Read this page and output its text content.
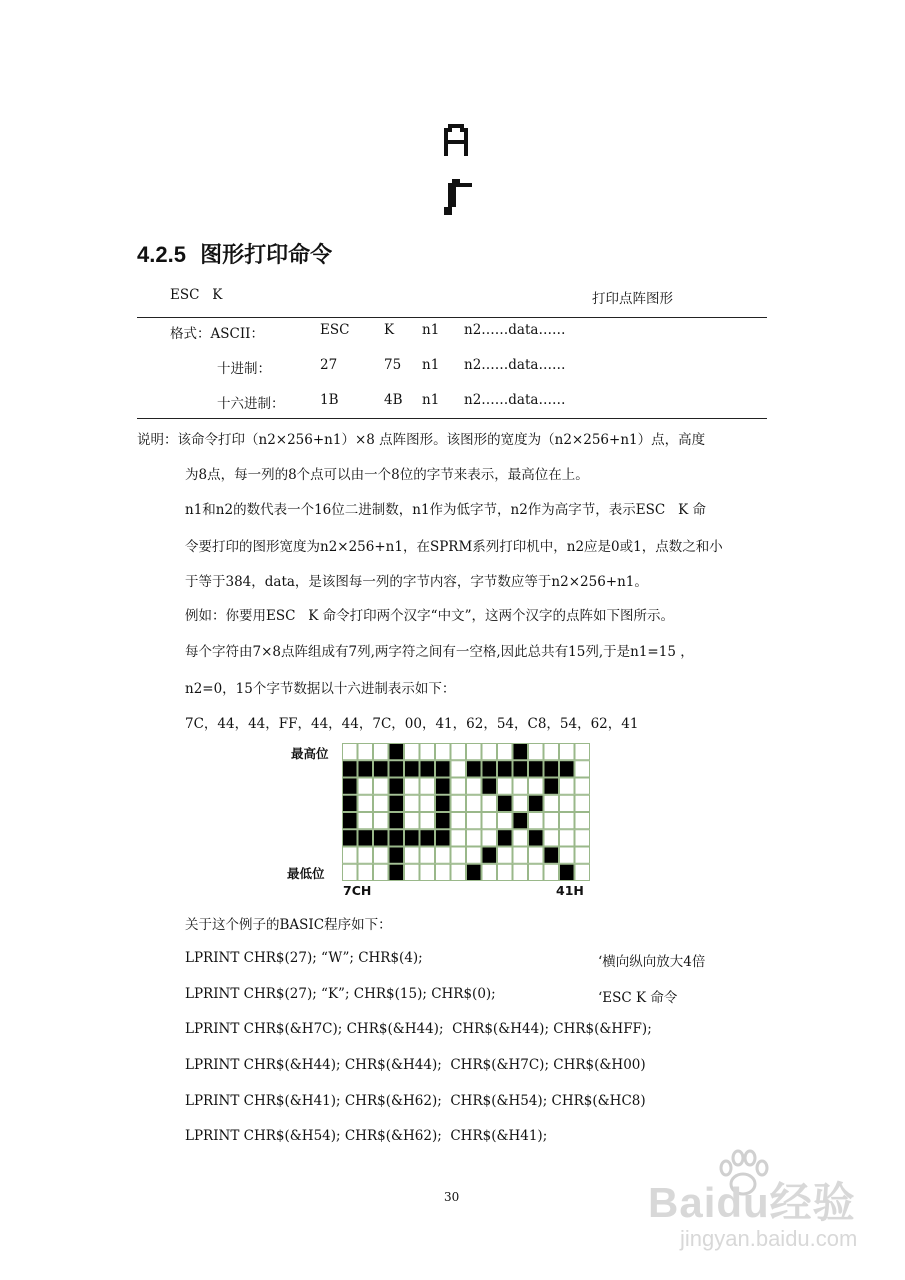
4.2.5 图形打印命令
ESC   K	打印点阵图形
格式：ASCII：	ESC	K n1 n2……data……
十进制：	27	75 n1 n2……data……
十六进制：	1B	4B n1 n2……data……
说明：该命令打印（n2×256+n1）×8 点阵图形。该图形的宽度为（n2×256+n1）点，高度
为8点，每一列的8个点可以由一个8位的字节来表示，最高位在上。
n1和n2的数代表一个16位二进制数，n1作为低字节，n2作为高字节，表示ESC   K 命
令要打印的图形宽度为n2×256+n1，在SPRM系列打印机中，n2应是0或1，点数之和小
于等于384，data，是该图每一列的字节内容，字节数应等于n2×256+n1。
例如：你要用ESC   K 命令打印两个汉字“中文”，这两个汉字的点阵如下图所示。
每个字符由7×8点阵组成有7列,两字符之间有一空格,因此总共有15列,于是n1=15 ，
n2=0，15个字节数据以十六进制表示如下：
7C，44，44，FF，44，44，7C，00，41，62，54，C8，54，62，41
最高位
最低位
7CH	41H
关于这个例子的BASIC程序如下：
LPRINT CHR$(27); “W”; CHR$(4);	‘横向纵向放大4倍
LPRINT CHR$(27); “K”; CHR$(15); CHR$(0);	‘ESC K 命令
LPRINT CHR$(&H7C); CHR$(&H44);  CHR$(&H44); CHR$(&HFF);
LPRINT CHR$(&H44); CHR$(&H44);  CHR$(&H7C); CHR$(&H00)
LPRINT CHR$(&H41); CHR$(&H62);  CHR$(&H54); CHR$(&HC8)
LPRINT CHR$(&H54); CHR$(&H62);  CHR$(&H41);
30	Baidu经验
jingyan.baidu.com
